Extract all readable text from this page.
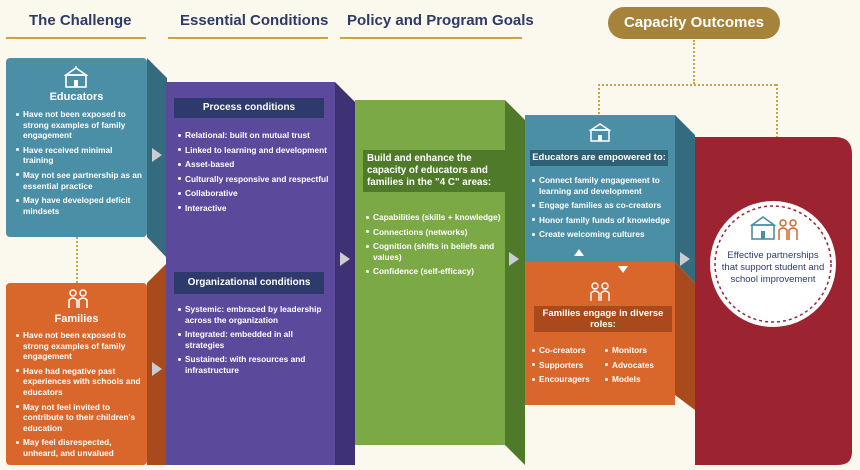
The Challenge	Essential Conditions Policy and Program Goals	Capacity Outcomes
Educators
Have not been exposed to strong examples of family engagement
Have received minimal training
May not see partnership as an essential practice
May have developed deficit mindsets
Families
Have not been exposed to strong examples of family engagement
Have had negative past experiences with schools and educators
May not feel invited to contribute to their children's education
May feel disrespected, unheard, and unvalued
Process conditions
Relational: built on mutual trust
Linked to learning and development
Asset-based
Culturally responsive and respectful
Collaborative
Interactive
Organizational conditions
Systemic: embraced by leadership across the organization
Integrated: embedded in all strategies
Sustained: with resources and infrastructure
Build and enhance the capacity of educators and families in the "4 C" areas:
Capabilities (skills + knowledge)
Connections (networks)
Cognition (shifts in beliefs and values)
Confidence (self-efficacy)
Educators are empowered to:
Connect family engagement to learning and development
Engage families as co-creators
Honor family funds of knowledge
Create welcoming cultures
Families engage in diverse roles:
Co-creators
Supporters
Encouragers
Monitors
Advocates
Models
Effective partnerships that support student and school improvement
